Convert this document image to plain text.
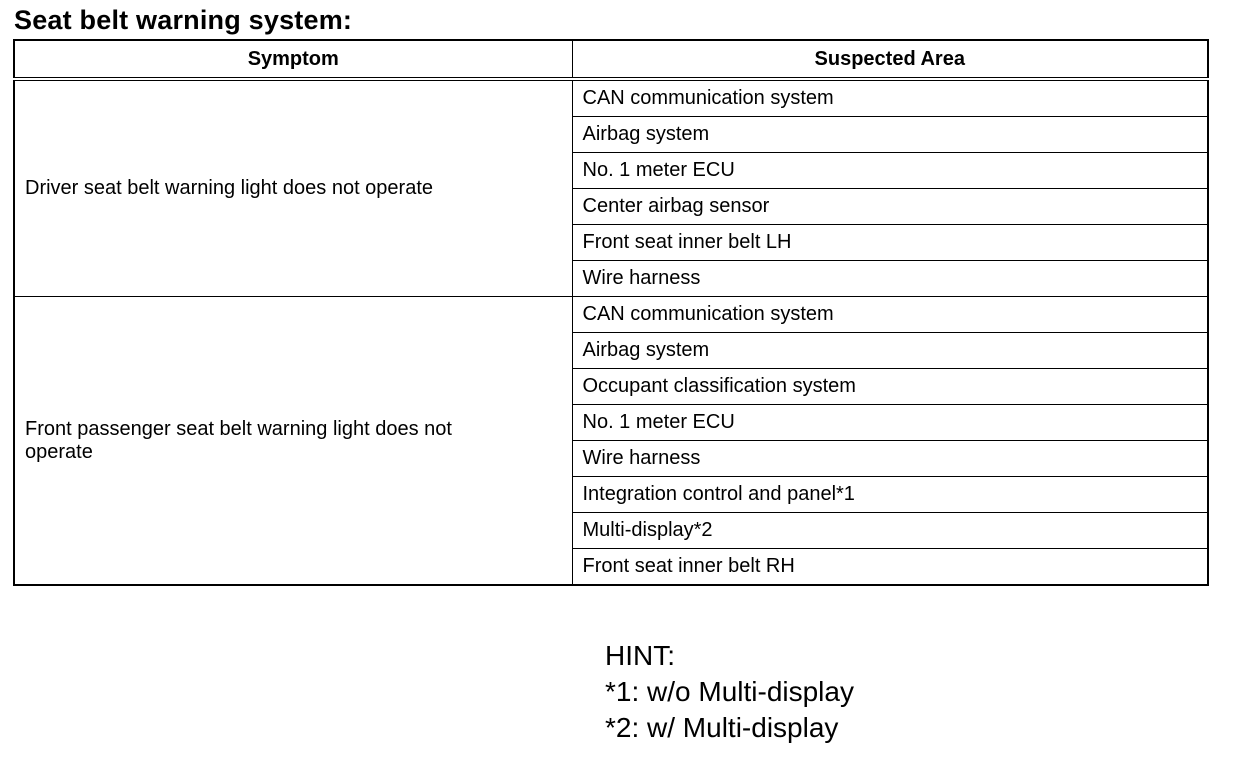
Seat belt warning system:
Symptom	Suspected Area
Driver seat belt warning light does not operate	CAN communication system
	Airbag system
	No. 1 meter ECU
	Center airbag sensor
	Front seat inner belt LH
	Wire harness
Front passenger seat belt warning light does not operate	CAN communication system
	Airbag system
	Occupant classification system
	No. 1 meter ECU
	Wire harness
	Integration control and panel*1
	Multi-display*2
	Front seat inner belt RH
HINT:
*1: w/o Multi-display
*2: w/ Multi-display
